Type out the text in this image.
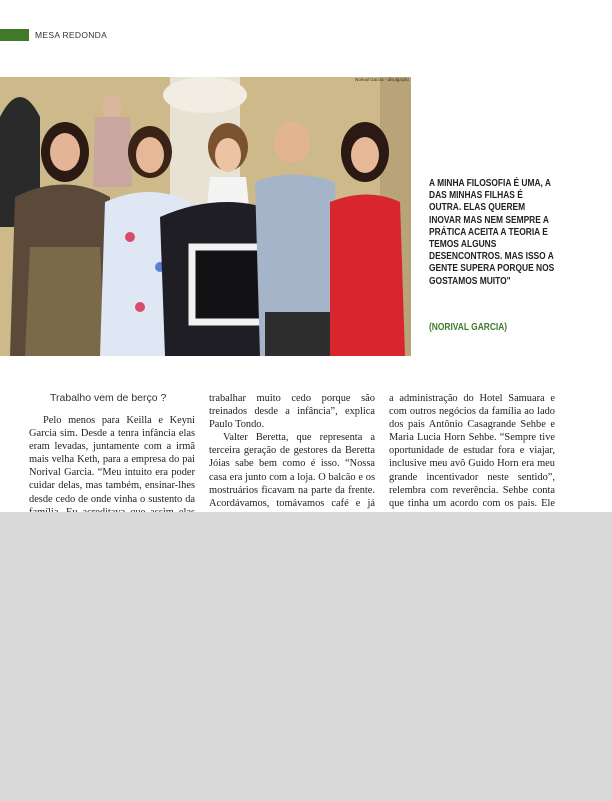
MESA REDONDA
Norival Garcia - divulgação
A MINHA FILOSOFIA É UMA, A DAS MINHAS FILHAS É OUTRA. ELAS QUEREM INOVAR MAS NEM SEMPRE A PRÁTICA ACEITA A TEORIA E TEMOS ALGUNS DESENCONTROS. MAS ISSO A GENTE SUPERA PORQUE NOS GOSTAMOS MUITO"
(NORIVAL GARCIA)
Trabalho vem de berço ?

Pelo menos para Keilla e Keyni Garcia sim. Desde a tenra infância elas eram levadas, juntamente com a irmã mais velha Keth, para a empresa do pai Norival Garcia. “Meu intuito era poder cuidar delas, mas também, ensinar-lhes desde cedo de onde vinha o sustento da

trabalhar muito cedo porque são treinados desde a infância”, explica Paulo Tondo.

Valter Beretta, que representa a terceira geração de gestores da Beretta Jóias sabe bem como é isso. “Nossa casa era junto com a loja. O balcão e os mostruários ficavam na parte da frente. Acordávamos, tomávamos café e já

a administração do Hotel Samuara e com outros negócios da família ao lado dos pais Antônio Casagrande Sehbe e Maria Lucia Horn Sehbe. “Sempre tive oportunidade de estudar fora e viajar, inclusive meu avô Guido Horn era meu grande incentivador neste sentido”, relembra com reverência. Sehbe conta que tinha um acordo com os pais. Ele
